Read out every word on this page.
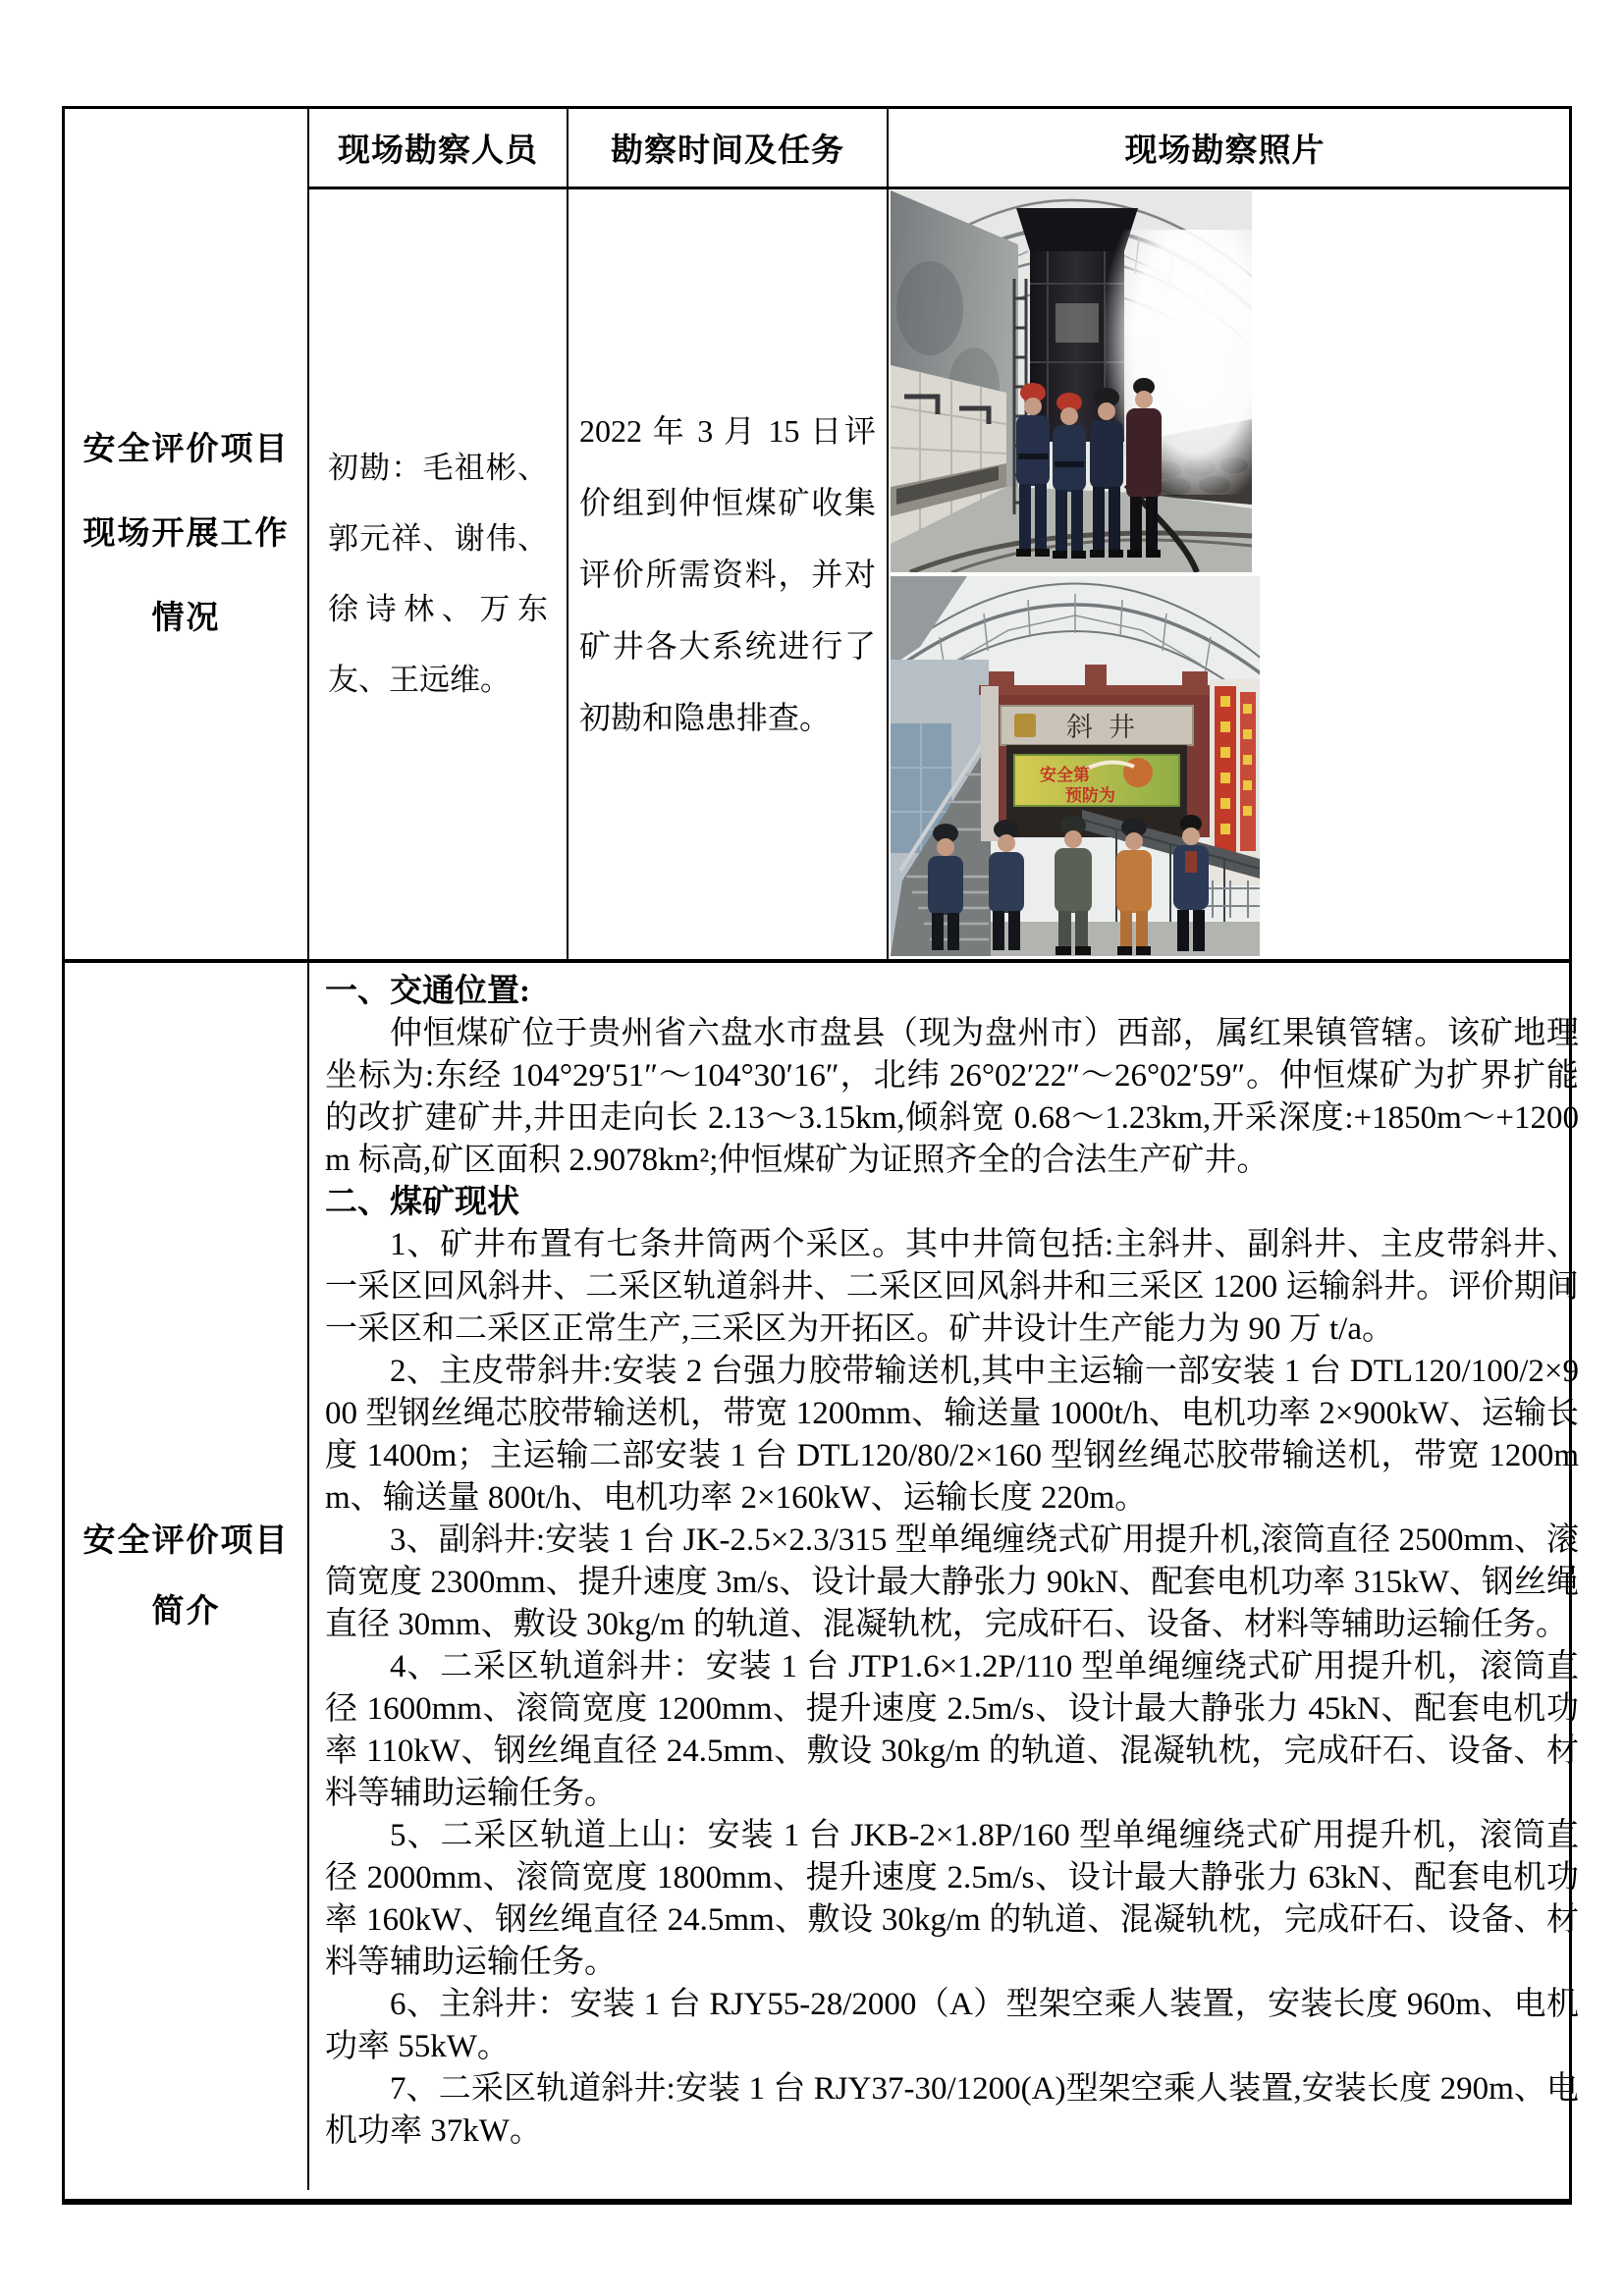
安全评价项目
现场开展工作
情况
现场勘察人员 勘察时间及任务	现场勘察照片
初勘：毛祖彬、郭元祥、谢伟、徐诗林、万东友、王远维。
2022 年 3 月 15 日评价组到仲恒煤矿收集评价所需资料，并对矿井各大系统进行了初勘和隐患排查。	斜井
安全第
预防为
安全评价项目
简介

一、交通位置:

仲恒煤矿位于贵州省六盘水市盘县（现为盘州市）西部，属红果镇管辖。该矿地理坐标为:东经 104°29′51″～104°30′16″，北纬 26°02′22″～26°02′59″。仲恒煤矿为扩界扩能的改扩建矿井,井田走向长 2.13～3.15km,倾斜宽 0.68～1.23km,开采深度:+1850m～+1200m 标高,矿区面积 2.9078km²;仲恒煤矿为证照齐全的合法生产矿井。

二、煤矿现状

1、矿井布置有七条井筒两个采区。其中井筒包括:主斜井、副斜井、主皮带斜井、一采区回风斜井、二采区轨道斜井、二采区回风斜井和三采区 1200 运输斜井。评价期间一采区和二采区正常生产,三采区为开拓区。矿井设计生产能力为 90 万 t/a。

2、主皮带斜井:安装 2 台强力胶带输送机,其中主运输一部安装 1 台 DTL120/100/2×900 型钢丝绳芯胶带输送机，带宽 1200mm、输送量 1000t/h、电机功率 2×900kW、运输长度 1400m；主运输二部安装 1 台 DTL120/80/2×160 型钢丝绳芯胶带输送机，带宽 1200mm、输送量 800t/h、电机功率 2×160kW、运输长度 220m。

3、副斜井:安装 1 台 JK-2.5×2.3/315 型单绳缠绕式矿用提升机,滚筒直径 2500mm、滚筒宽度 2300mm、提升速度 3m/s、设计最大静张力 90kN、配套电机功率 315kW、钢丝绳直径 30mm、敷设 30kg/m 的轨道、混凝轨枕，完成矸石、设备、材料等辅助运输任务。

4、二采区轨道斜井：安装 1 台 JTP1.6×1.2P/110 型单绳缠绕式矿用提升机，滚筒直径 1600mm、滚筒宽度 1200mm、提升速度 2.5m/s、设计最大静张力 45kN、配套电机功率 110kW、钢丝绳直径 24.5mm、敷设 30kg/m 的轨道、混凝轨枕，完成矸石、设备、材料等辅助运输任务。

5、二采区轨道上山：安装 1 台 JKB-2×1.8P/160 型单绳缠绕式矿用提升机，滚筒直径 2000mm、滚筒宽度 1800mm、提升速度 2.5m/s、设计最大静张力 63kN、配套电机功率 160kW、钢丝绳直径 24.5mm、敷设 30kg/m 的轨道、混凝轨枕，完成矸石、设备、材料等辅助运输任务。

6、主斜井：安装 1 台 RJY55-28/2000（A）型架空乘人装置，安装长度 960m、电机功率 55kW。

7、二采区轨道斜井:安装 1 台 RJY37-30/1200(A)型架空乘人装置,安装长度 290m、电机功率 37kW。
